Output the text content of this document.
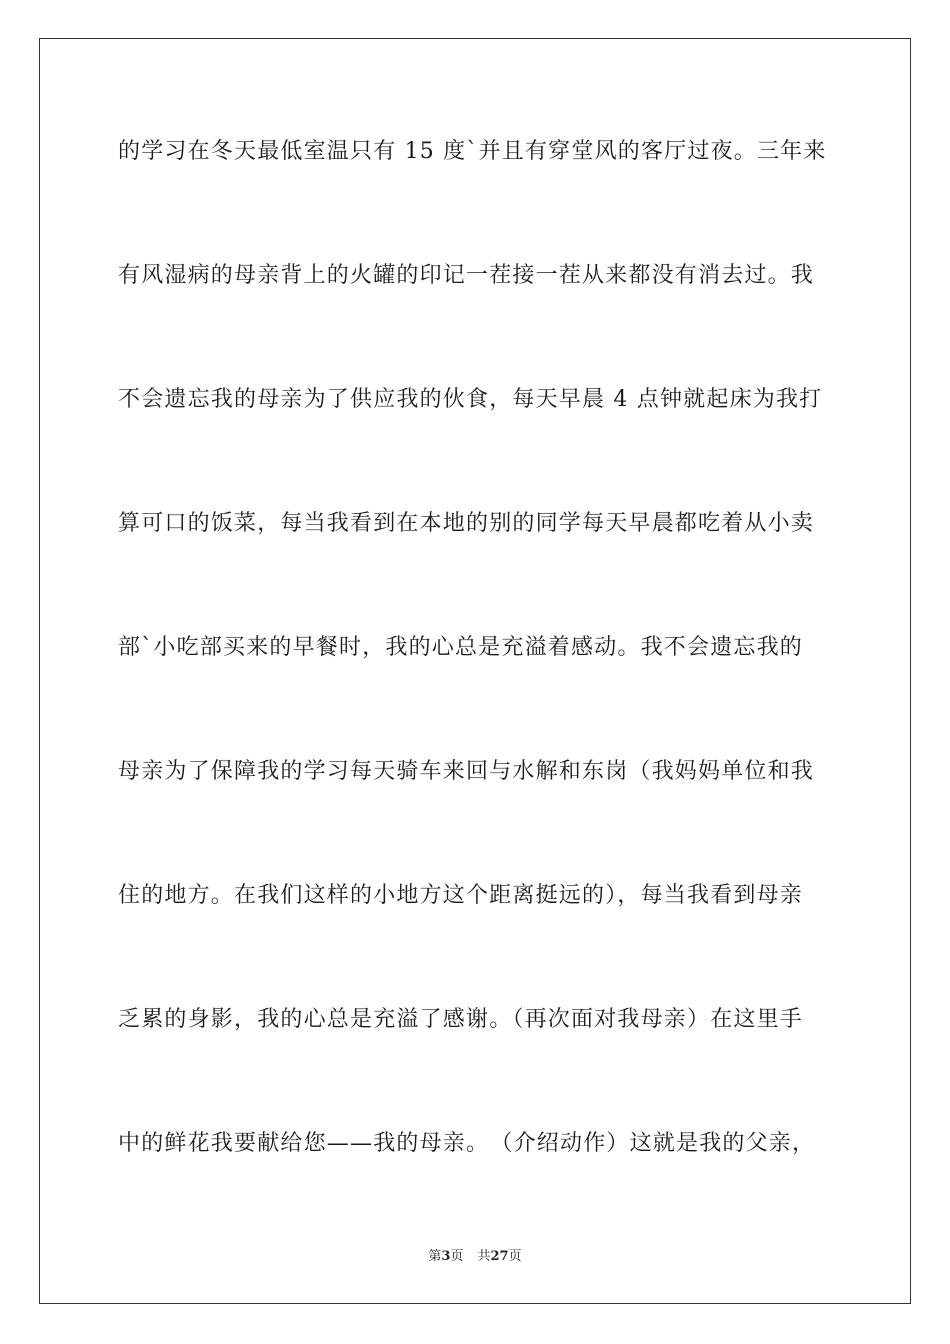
的学习在冬天最低室温只有 15 度`并且有穿堂风的客厅过夜。三年来
有风湿病的母亲背上的火罐的印记一茬接一茬从来都没有消去过。我
不会遗忘我的母亲为了供应我的伙食，每天早晨 4 点钟就起床为我打
算可口的饭菜，每当我看到在本地的别的同学每天早晨都吃着从小卖
部`小吃部买来的早餐时，我的心总是充溢着感动。我不会遗忘我的
母亲为了保障我的学习每天骑车来回与水解和东岗（我妈妈单位和我
住的地方。在我们这样的小地方这个距离挺远的），每当我看到母亲
乏累的身影，我的心总是充溢了感谢。（再次面对我母亲）在这里手
中的鲜花我要献给您——我的母亲。　（介绍动作）这就是我的父亲，
第3页 共27页
